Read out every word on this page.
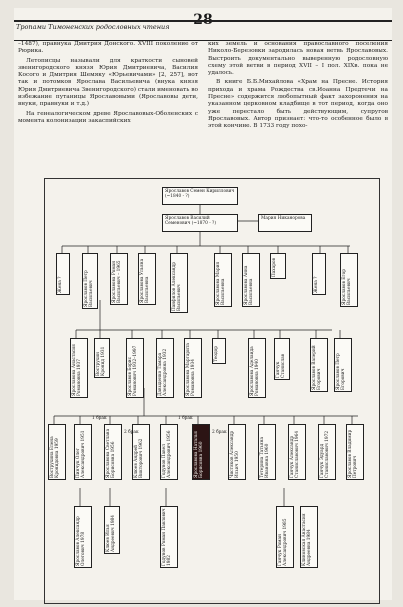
28
Тропами Тимоненских родословных чтения

–1487), правнука Дмитрия Донского. XVIII поколение от Рюрика.

Летописцы называли для краткости сыновей звенигородского князя Юрия Дмитриевича, Василия Косого и Дмитрия Шемяку «Юрьевичами» [2, 257], вот так и потомков Ярослава Васильевича (внука князя Юрия Дмитриевича Звенигородского) стали именовать во избежание путаницы Ярославовыми (Ярославовы дети, внуки, правнуки и т.д.)

На генеалогическом древе Ярославовых-Оболенских с момента колонизации закаспийских

ких земель и основания православного поселения Николо-Березовки зародилась новая ветвь Ярославовых. Выстроить документально выверенную родословную схему этой ветви в период XVII – I пол. XIXв. пока не удалось.

В книге Б.Б.Михайлова «Храм на Пресне. История прихода и храма Рождества св.Иоанна Предтечи на Пресне» содержится любопытный факт захоронения на указанном церковном кладбище в тот период, когда оно уже перестало быть действующим, супругов Ярославовых. Автор признает: что-то особенное было в этой кончине. В 1733 году похо-

Ярославов Семен Кириллович (~1840 - ?)
Ярославов Василий Семенович (~1870 - ?)
Мария Никанорова
Жена ?	Ярославов Петр Васильевич	Ярославова Роман Васильевич – 1965	Ярославова Ульяна Васильевна	Панфилов Александр Васильевич	Ярославова Мария Васильевна	Ярославова Анна Васильевна
Пахаров
Жена ?	Ярославов Егор Васильевич
Ярославова Анастасия Романовна 1937	Вострухин Кронид 1931	Ярославов Борис Романович 1932–1997	Давыденко Тамара Александровна 1932	Ярославова Маргарита Романовна 1934
Теодор	Ярославова Аделаида Романовна 1940	Ганчук Станислав	Ярославов Валерий Егорович	Ярославов Петр Егорович
Вострухина Елена Кронидовна 1959	Пинчук Олег Александрович 1951	Ярославова Светлана Борисовна 1956	Клюев Андрей Викторович 1962	Годунов Павел Александрович 1956	Ярославова Наталья Борисовна 1960	Чистяков Александр Ильич 1950	Тетерина Татьяна Ивановна 1960	Ганчук Александр Станиславович 1964	Ганчук Эдуард Станиславович 1972	Ярославов Владимир Петрович
1 брак
2 брак
1 брак
2 брак
Ярославов Александр Олегович 1978	Клюев Илья Андреевич 1984	Годунов Роман Павлович 1982	Ганчук Роман Александрович 1985	Клиновская Анастасия Андреевна 1984
